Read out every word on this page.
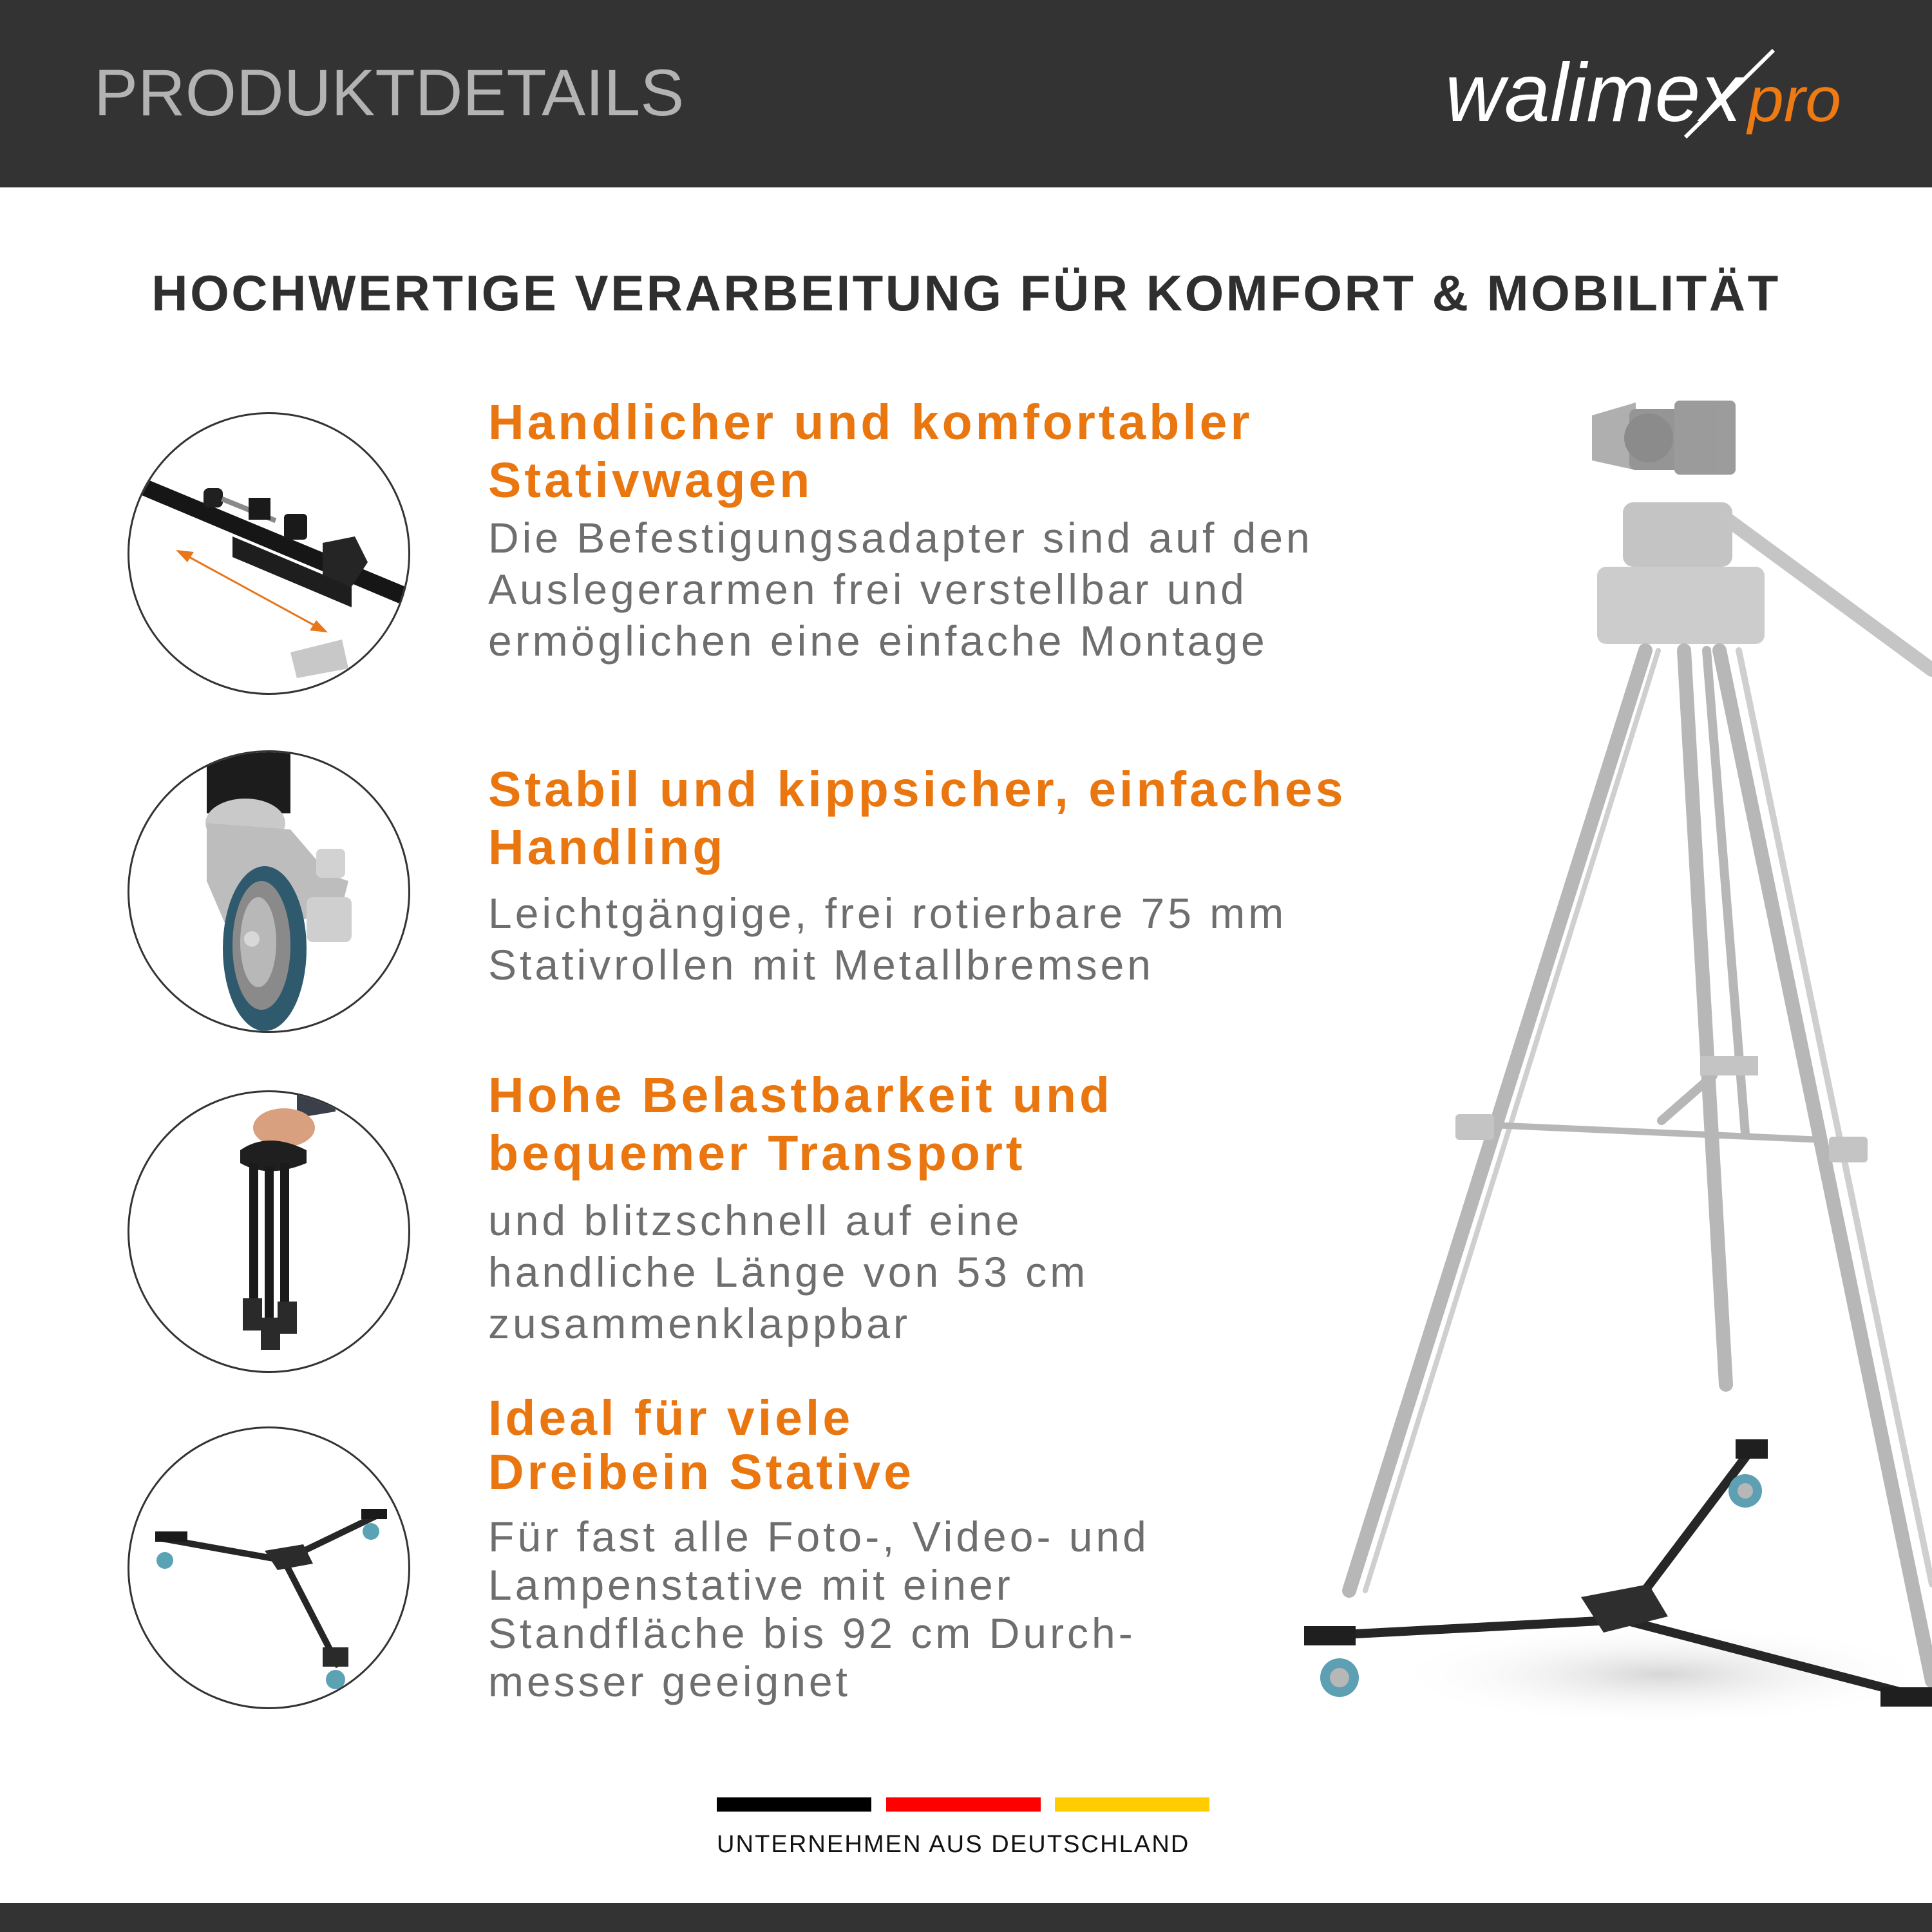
PRODUKTDETAILS	walimex pro
HOCHWERTIGE VERARBEITUNG FÜR KOMFORT & MOBILITÄT
Handlicher und komfortabler
Stativwagen
Die Befestigungsadapter sind auf den
Auslegerarmen frei verstellbar und
ermöglichen eine einfache Montage
Stabil und kippsicher, einfaches
Handling
Leichtgängige, frei rotierbare 75 mm
Stativrollen mit Metallbremsen
Hohe Belastbarkeit und
bequemer Transport
und blitzschnell auf eine
handliche Länge von 53 cm
zusammenklappbar
Ideal für viele
Dreibein Stative
Für fast alle Foto-, Video- und
Lampenstative mit einer
Standfläche bis 92 cm Durch-
messer geeignet
UNTERNEHMEN AUS DEUTSCHLAND
